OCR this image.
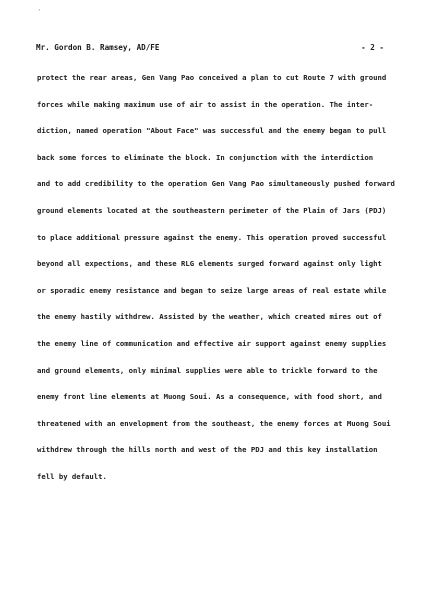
´
Mr. Gordon B. Ramsey, AD/FE	- 2 -
protect the rear areas, Gen Vang Pao conceived a plan to cut Route 7 with ground
forces while making maximum use of air to assist in the operation. The inter-
diction, named operation "About Face" was successful and the enemy began to pull
back some forces to eliminate the block. In conjunction with the interdiction
and to add credibility to the operation Gen Vang Pao simultaneously pushed forward
ground elements located at the southeastern perimeter of the Plain of Jars (PDJ)
to place additional pressure against the enemy. This operation proved successful
beyond all expections, and these RLG elements surged forward against only light
or sporadic enemy resistance and began to seize large areas of real estate while
the enemy hastily withdrew. Assisted by the weather, which created mires out of
the enemy line of communication and effective air support against enemy supplies
and ground elements, only minimal supplies were able to trickle forward to the
enemy front line elements at Muong Soui. As a consequence, with food short, and
threatened with an envelopment from the southeast, the enemy forces at Muong Soui
withdrew through the hills north and west of the PDJ and this key installation
fell by default.
